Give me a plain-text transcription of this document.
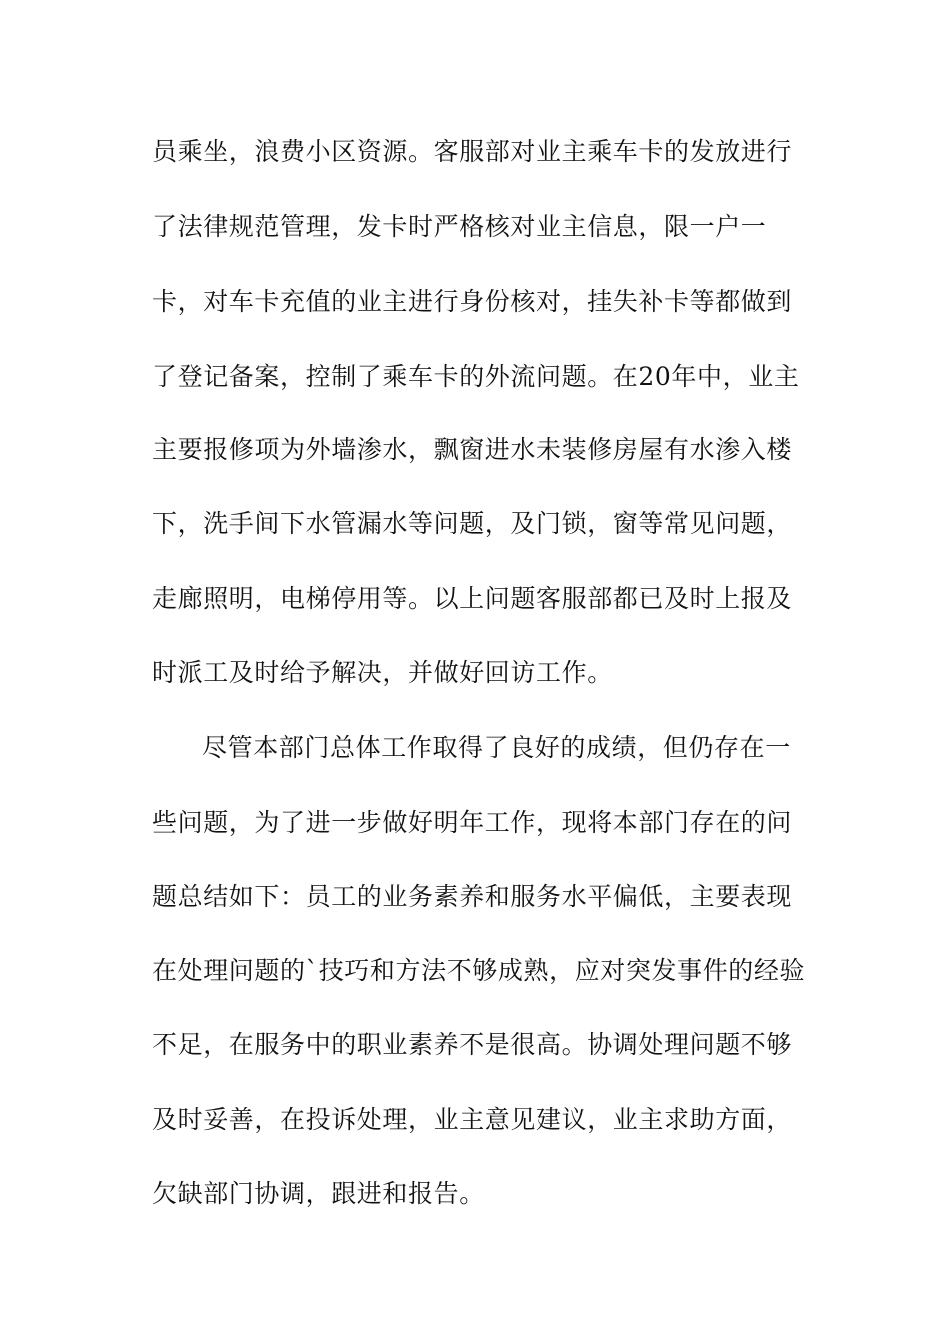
员乘坐，浪费小区资源。客服部对业主乘车卡的发放进行
了法律规范管理，发卡时严格核对业主信息，限一户一
卡，对车卡充值的业主进行身份核对，挂失补卡等都做到
了登记备案，控制了乘车卡的外流问题。在20年中，业主
主要报修项为外墙渗水，飘窗进水未装修房屋有水渗入楼
下，洗手间下水管漏水等问题，及门锁，窗等常见问题，
走廊照明，电梯停用等。以上问题客服部都已及时上报及
时派工及时给予解决，并做好回访工作。
尽管本部门总体工作取得了良好的成绩，但仍存在一
些问题，为了进一步做好明年工作，现将本部门存在的问
题总结如下：员工的业务素养和服务水平偏低，主要表现
在处理问题的`技巧和方法不够成熟，应对突发事件的经验
不足，在服务中的职业素养不是很高。协调处理问题不够
及时妥善，在投诉处理，业主意见建议，业主求助方面，
欠缺部门协调，跟进和报告。
